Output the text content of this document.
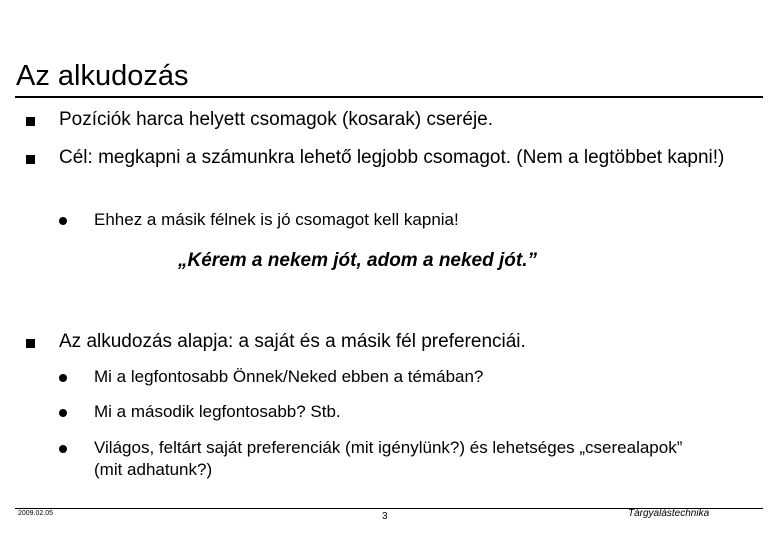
Az alkudozás
Pozíciók harca helyett csomagok (kosarak) cseréje.
Cél: megkapni a számunkra lehető legjobb csomagot. (Nem a legtöbbet kapni!)
Ehhez a másik félnek is jó csomagot kell kapnia!
„Kérem a nekem jót, adom a neked jót.”
Az alkudozás alapja: a saját és a másik fél preferenciái.
Mi a legfontosabb Önnek/Neked ebben a témában?
Mi a második legfontosabb? Stb.
Világos, feltárt saját preferenciák (mit igénylünk?) és lehetséges „cserealapok” (mit adhatunk?)
2009.02.05	3	Tárgyalástechnika
